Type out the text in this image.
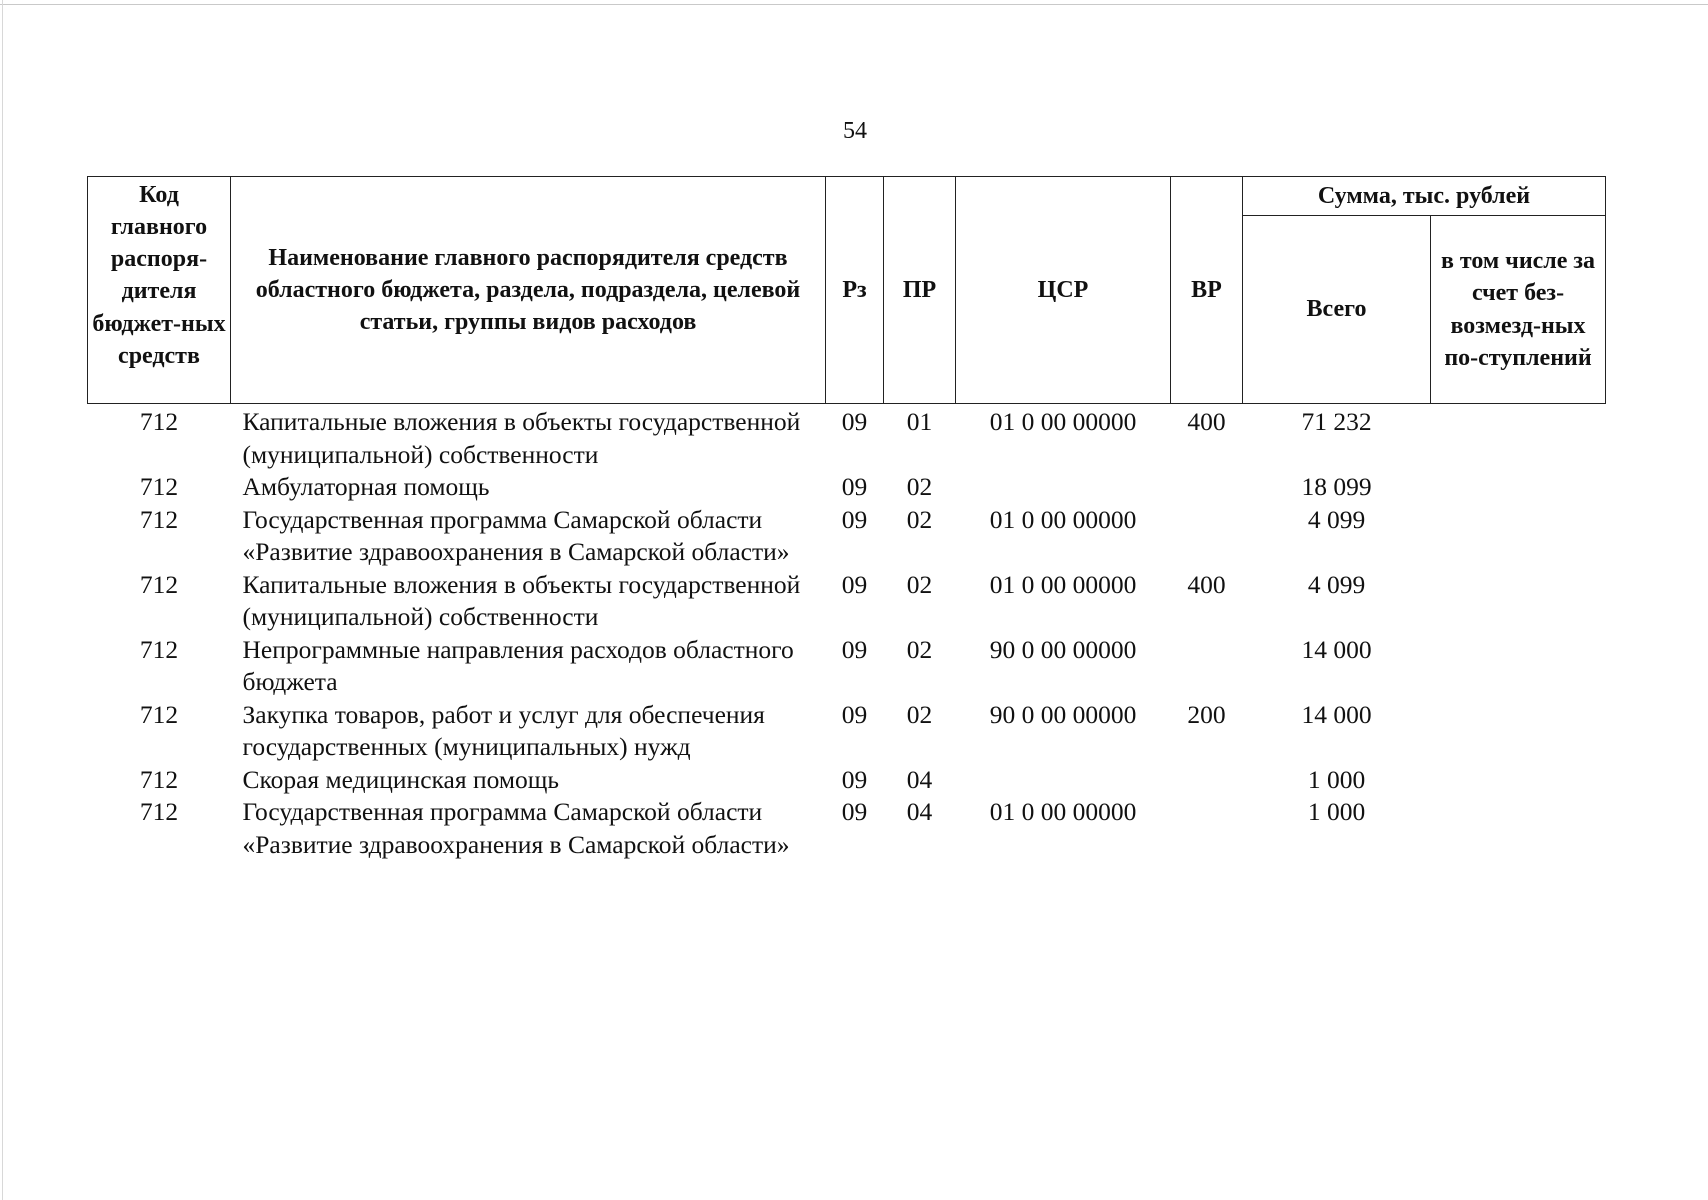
54
Код главного распоря-дителя бюджет-ных средств	Наименование главного распорядителя средств областного бюджета, раздела, подраздела, целевой статьи, группы видов расходов	Рз	ПР	ЦСР	ВР	Сумма, тыс. рублей	
						Всего	в том числе за счет без-возмезд-ных по-ступлений
712	Капитальные вложения в объекты государственной (муниципальной) собственности	09	01	01 0 00 00000	400	71 232	
712	Амбулаторная помощь	09	02			18 099	
712	Государственная программа Самарской области «Развитие здравоохранения в Самарской области»	09	02	01 0 00 00000		4 099	
712	Капитальные вложения в объекты государственной (муниципальной) собственности	09	02	01 0 00 00000	400	4 099	
712	Непрограммные направления расходов областного бюджета	09	02	90 0 00 00000		14 000	
712	Закупка товаров, работ и услуг для обеспечения государственных (муниципальных) нужд	09	02	90 0 00 00000	200	14 000	
712	Скорая медицинская помощь	09	04			1 000	
712	Государственная программа Самарской области «Развитие здравоохранения в Самарской области»	09	04	01 0 00 00000		1 000	
